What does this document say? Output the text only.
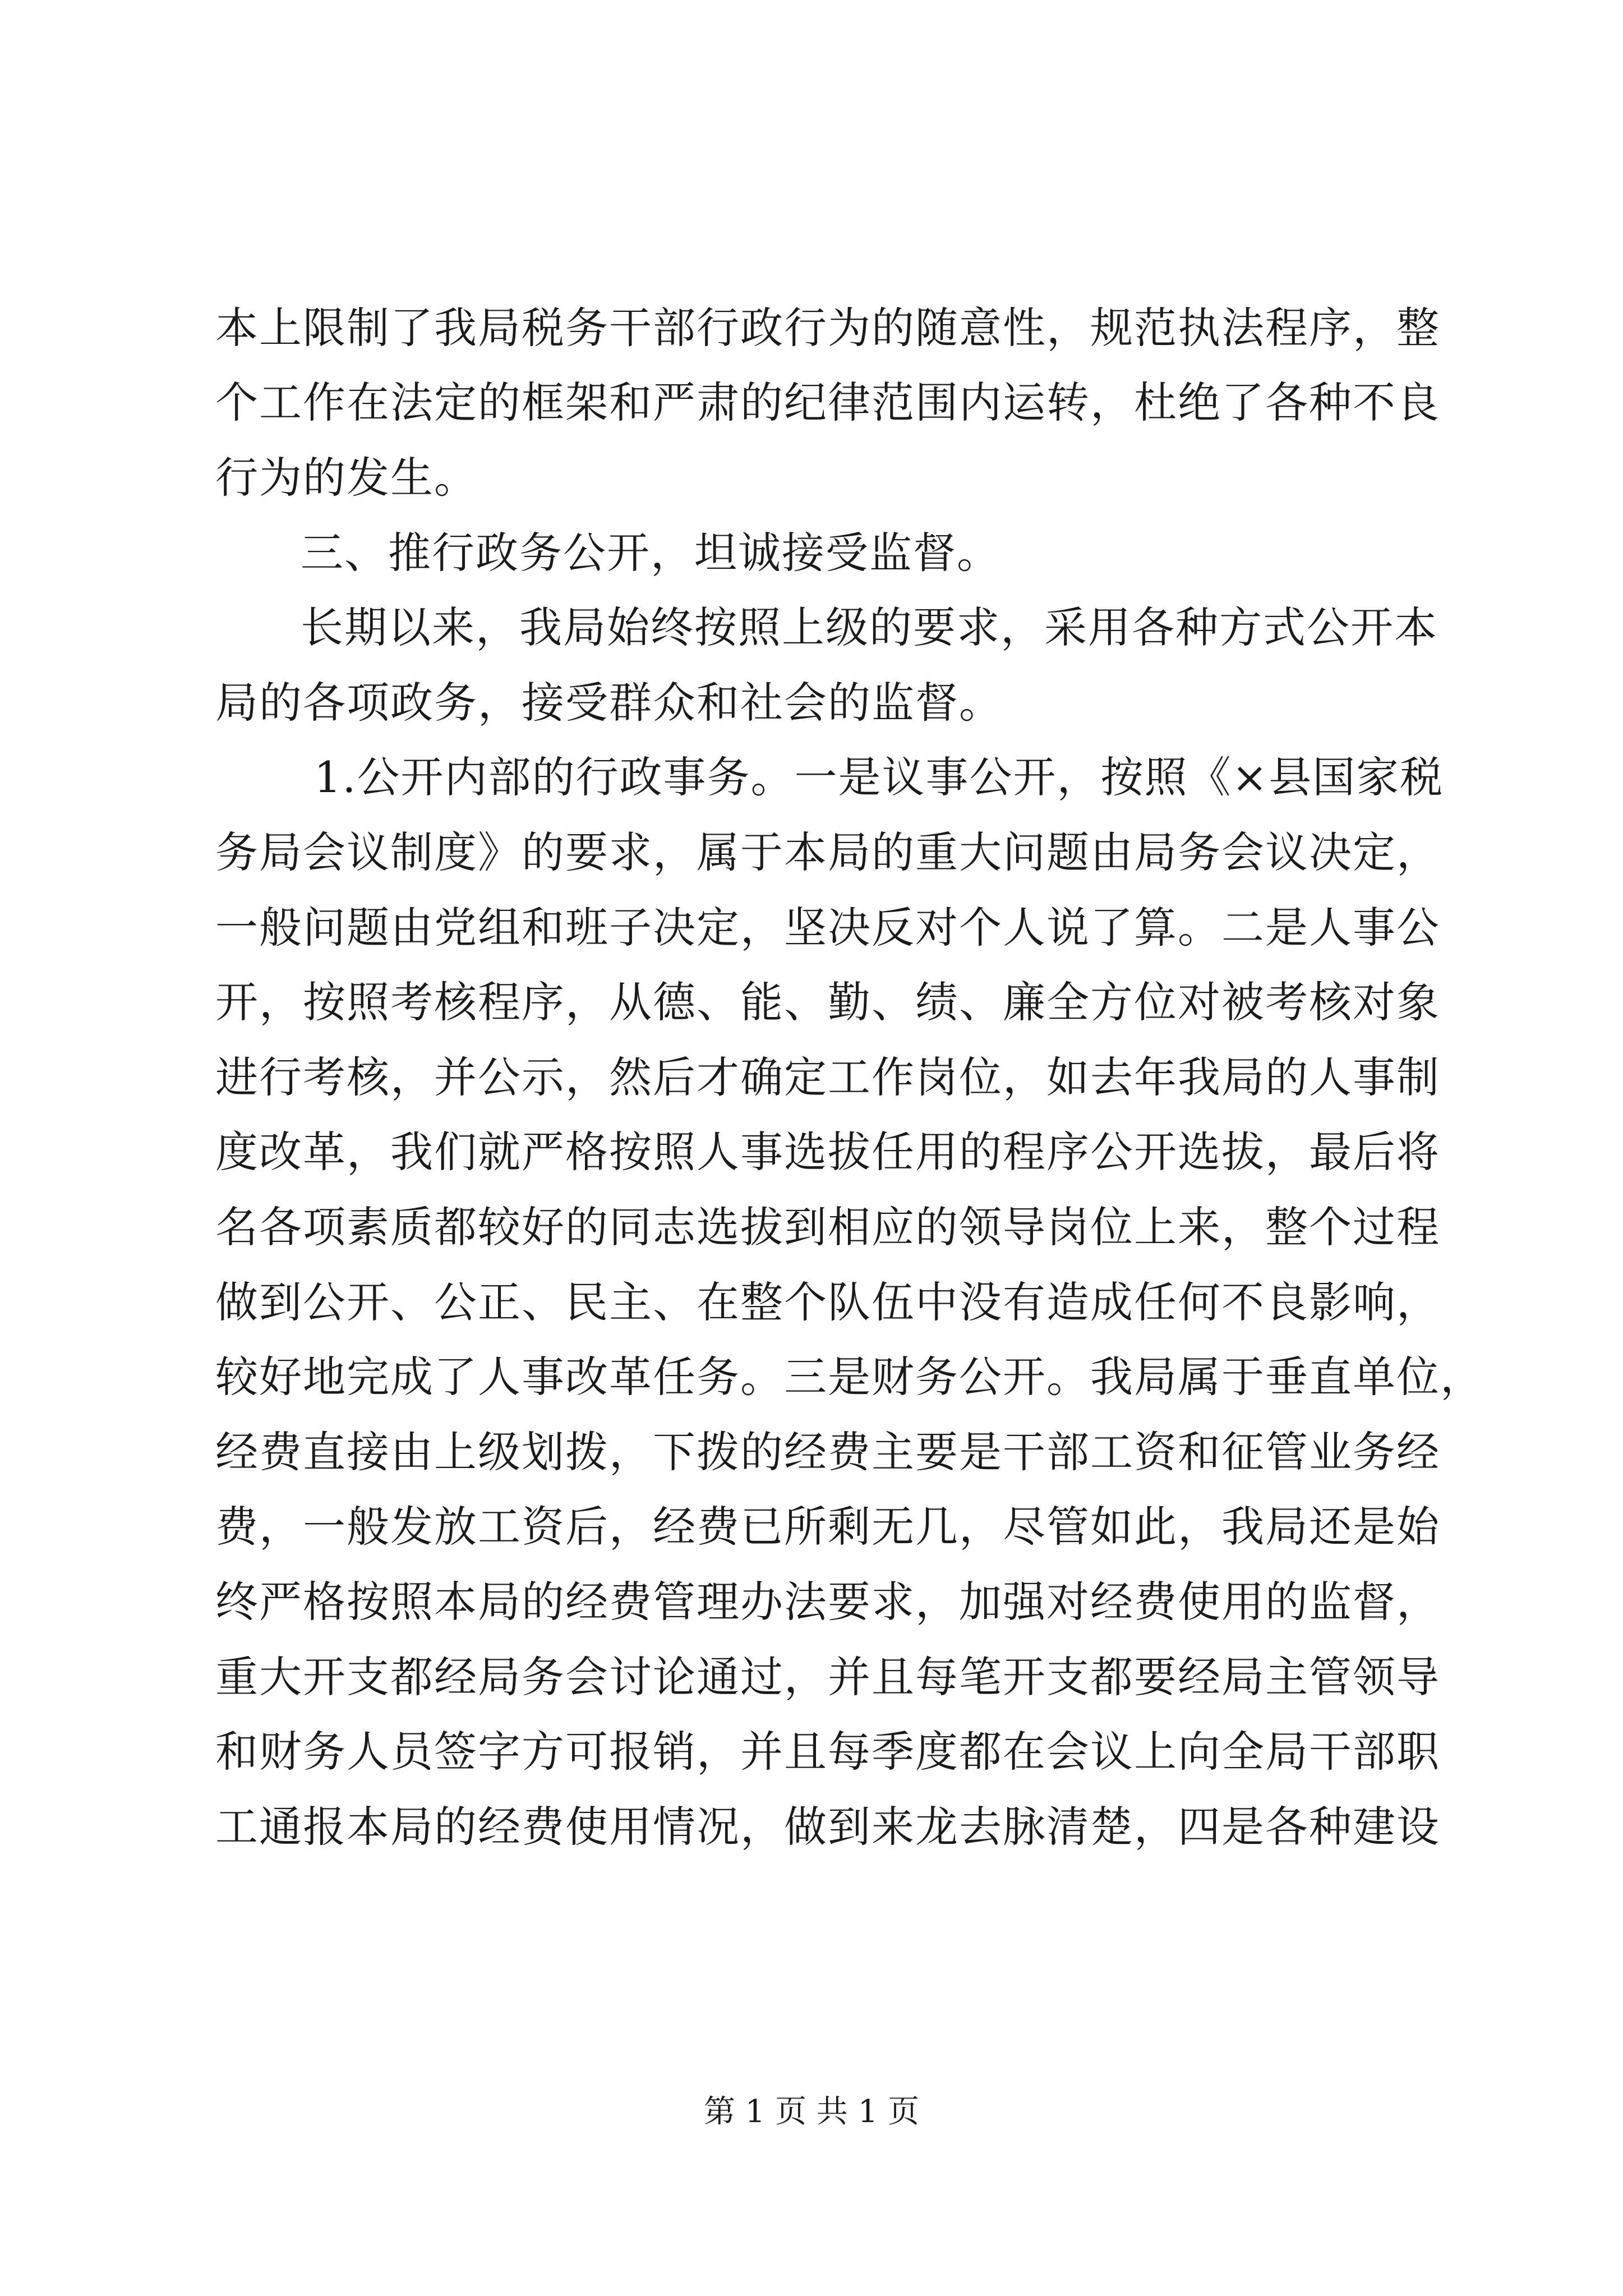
本上限制了我局税务干部行政行为的随意性，规范执法程序，整
个工作在法定的框架和严肃的纪律范围内运转，杜绝了各种不良
行为的发生。
三、推行政务公开，坦诚接受监督。
长期以来，我局始终按照上级的要求，采用各种方式公开本
局的各项政务，接受群众和社会的监督。
1.公开内部的行政事务。一是议事公开，按照《×县国家税
务局会议制度》的要求，属于本局的重大问题由局务会议决定，
一般问题由党组和班子决定，坚决反对个人说了算。二是人事公
开，按照考核程序，从德、能、勤、绩、廉全方位对被考核对象
进行考核，并公示，然后才确定工作岗位，如去年我局的人事制
度改革，我们就严格按照人事选拔任用的程序公开选拔，最后将
名各项素质都较好的同志选拔到相应的领导岗位上来，整个过程
做到公开、公正、民主、在整个队伍中没有造成任何不良影响，
较好地完成了人事改革任务。三是财务公开。我局属于垂直单位，
经费直接由上级划拨，下拨的经费主要是干部工资和征管业务经
费，一般发放工资后，经费已所剩无几，尽管如此，我局还是始
终严格按照本局的经费管理办法要求，加强对经费使用的监督，
重大开支都经局务会讨论通过，并且每笔开支都要经局主管领导
和财务人员签字方可报销，并且每季度都在会议上向全局干部职
工通报本局的经费使用情况，做到来龙去脉清楚，四是各种建设
第 1 页 共 1 页
